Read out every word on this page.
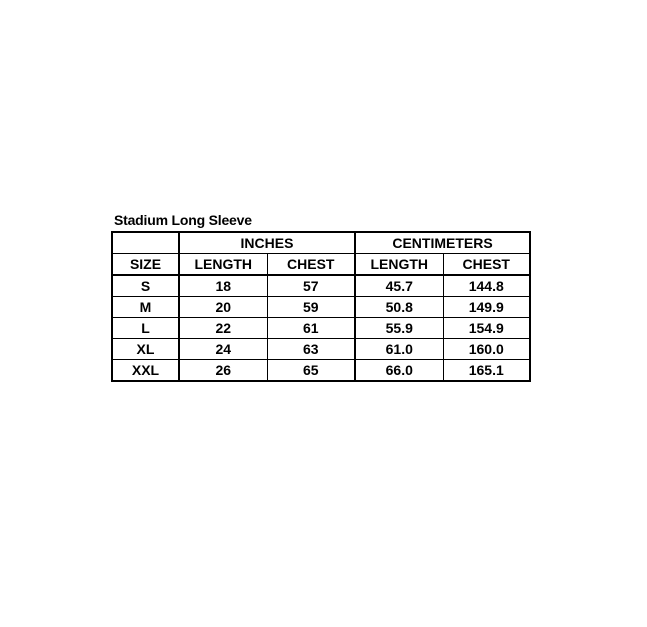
Stadium Long Sleeve
	INCHES		CENTIMETERS	
SIZE	LENGTH	CHEST	LENGTH	CHEST
S	18	57	45.7	144.8
M	20	59	50.8	149.9
L	22	61	55.9	154.9
XL	24	63	61.0	160.0
XXL	26	65	66.0	165.1
